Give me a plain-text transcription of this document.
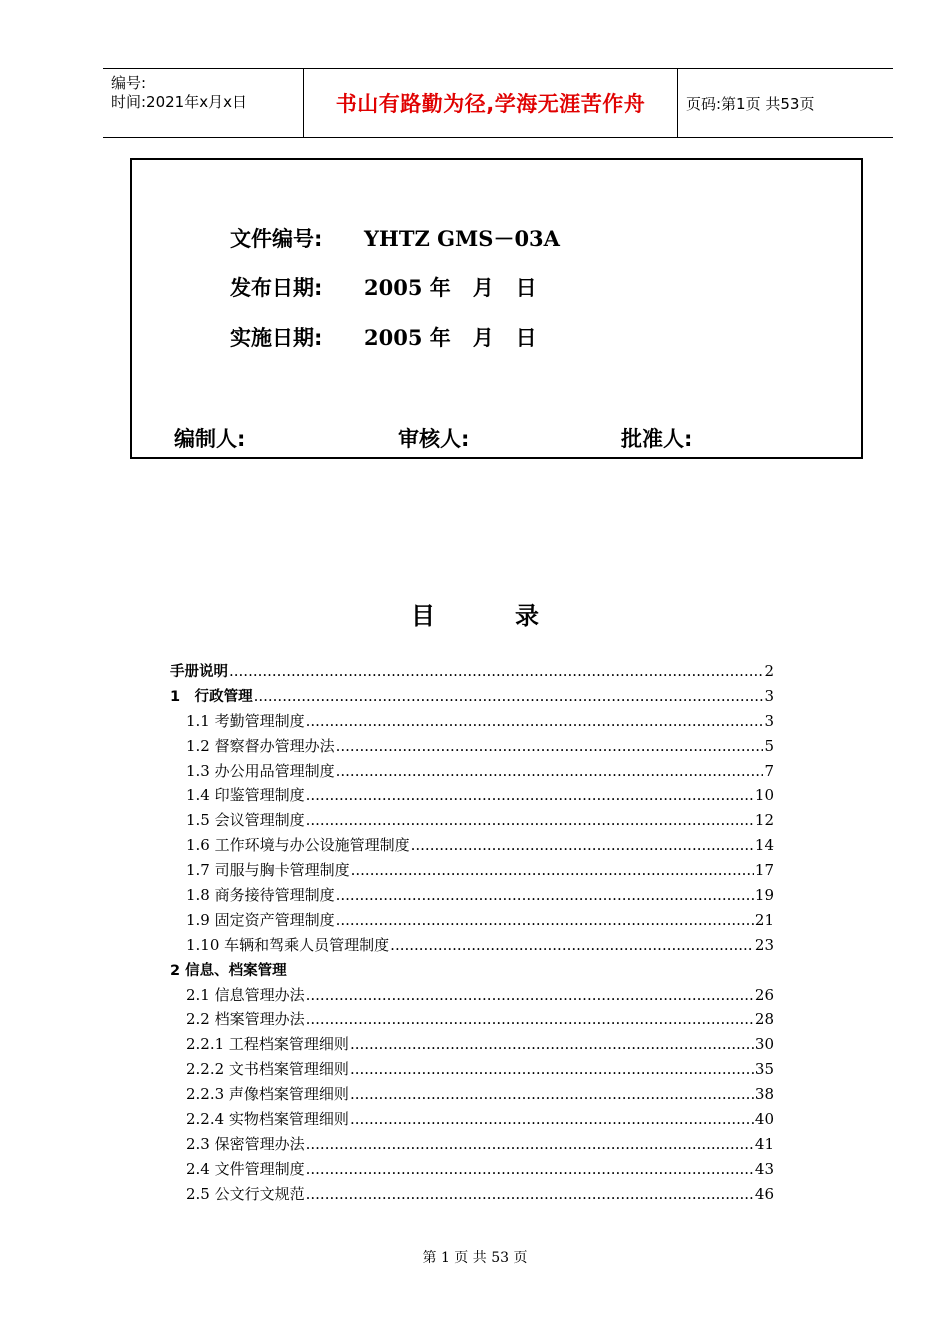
编号:
时间:2021年x月x日	书山有路勤为径,学海无涯苦作舟	页码:第1页 共53页
文件编号: YHTZ GMS－03A
发布日期: 2005 年   月   日
实施日期: 2005 年   月   日
编制人:	审核人:	批准人:
目	录
手册说明 .....	2
1　行政管理 .....	3
1.1 考勤管理制度 .....	3
1.2 督察督办管理办法 .....	5
1.3 办公用品管理制度 .....	7
1.4 印鉴管理制度 .....	10
1.5 会议管理制度 .....	12
1.6 工作环境与办公设施管理制度 .....	14
1.7 司服与胸卡管理制度 .....	17
1.8 商务接待管理制度 .....	19
1.9 固定资产管理制度 .....	21
1.10 车辆和驾乘人员管理制度 .....	23
2 信息、档案管理
2.1 信息管理办法 .....	26
2.2 档案管理办法 .....	28
2.2.1 工程档案管理细则 .....	30
2.2.2 文书档案管理细则 .....	35
2.2.3 声像档案管理细则 .....	38
2.2.4 实物档案管理细则 .....	40
2.3 保密管理办法 .....	41
2.4 文件管理制度 .....	43
2.5 公文行文规范 .....	46
第 1 页 共 53 页
